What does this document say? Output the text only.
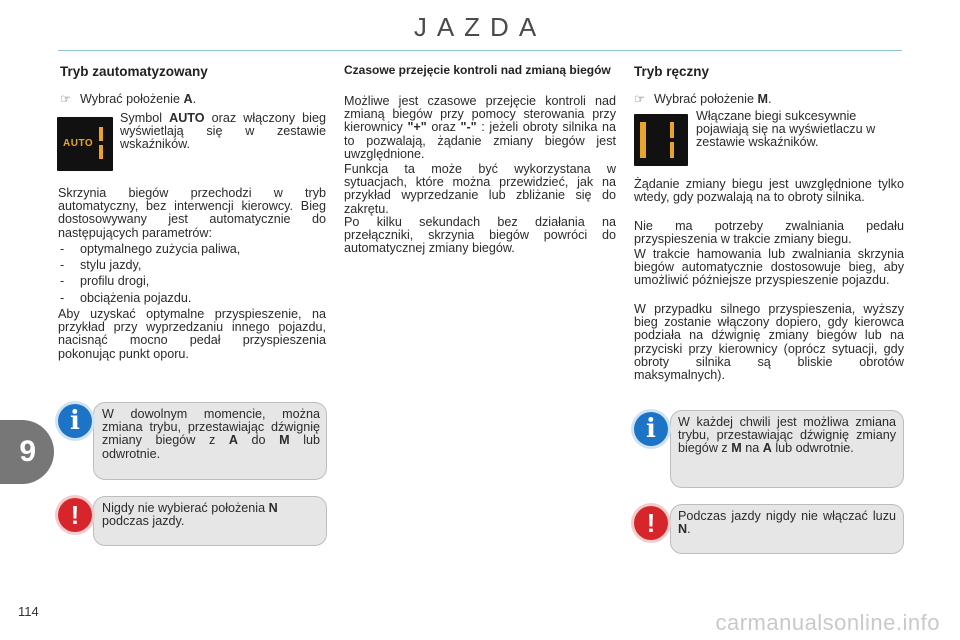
JAZDA
9
Tryb zautomatyzowany
☞ Wybrać położenie A.
AUTO
Symbol AUTO oraz włączony bieg wyświetlają się w zestawie wskaźników.
Skrzynia biegów przechodzi w tryb automatyczny, bez interwencji kierowcy. Bieg dostosowywany jest automatycznie do następujących parametrów:
- optymalnego zużycia paliwa,
- stylu jazdy,
- profilu drogi,
- obciążenia pojazdu.
Aby uzyskać optymalne przyspieszenie, na przykład przy wyprzedzaniu innego pojazdu, nacisnąć mocno pedał przyspieszenia pokonując punkt oporu.
i	W dowolnym momencie, można zmiana trybu, przestawiając dźwignię zmiany biegów z A do M lub odwrotnie.
!	Nigdy nie wybierać położenia N
podczas jazdy.
Czasowe przejęcie kontroli nad zmianą biegów
Możliwe jest czasowe przejęcie kontroli nad zmianą biegów przy pomocy sterowania przy kierownicy "+" oraz "-" : jeżeli obroty silnika na to pozwalają, żądanie zmiany biegów jest uwzględnione.
Funkcja ta może być wykorzystana w sytuacjach, które można przewidzieć, jak na przykład wyprzedzanie lub zbliżanie się do zakrętu.
Po kilku sekundach bez działania na przełączniki, skrzynia biegów powróci do automatycznej zmiany biegów.
Tryb ręczny
☞ Wybrać położenie M.
Włączane biegi sukcesywnie pojawiają się na wyświetlaczu w zestawie wskaźników.
Żądanie zmiany biegu jest uwzględnione tylko wtedy, gdy pozwalają na to obroty silnika.
Nie ma potrzeby zwalniania pedału przyspieszenia w trakcie zmiany biegu.
W trakcie hamowania lub zwalniania skrzynia biegów automatycznie dostosowuje bieg, aby umożliwić późniejsze przyspieszenie pojazdu.
W przypadku silnego przyspieszenia, wyższy bieg zostanie włączony dopiero, gdy kierowca podziała na dźwignię zmiany biegów lub na przyciski przy kierownicy (oprócz sytuacji, gdy obroty silnika są bliskie obrotów maksymalnych).
i	W każdej chwili jest możliwa zmiana trybu, przestawiając dźwignię zmiany biegów z M na A lub odwrotnie.
!	Podczas jazdy nigdy nie włączać luzu N.
114	carmanualsonline.info
